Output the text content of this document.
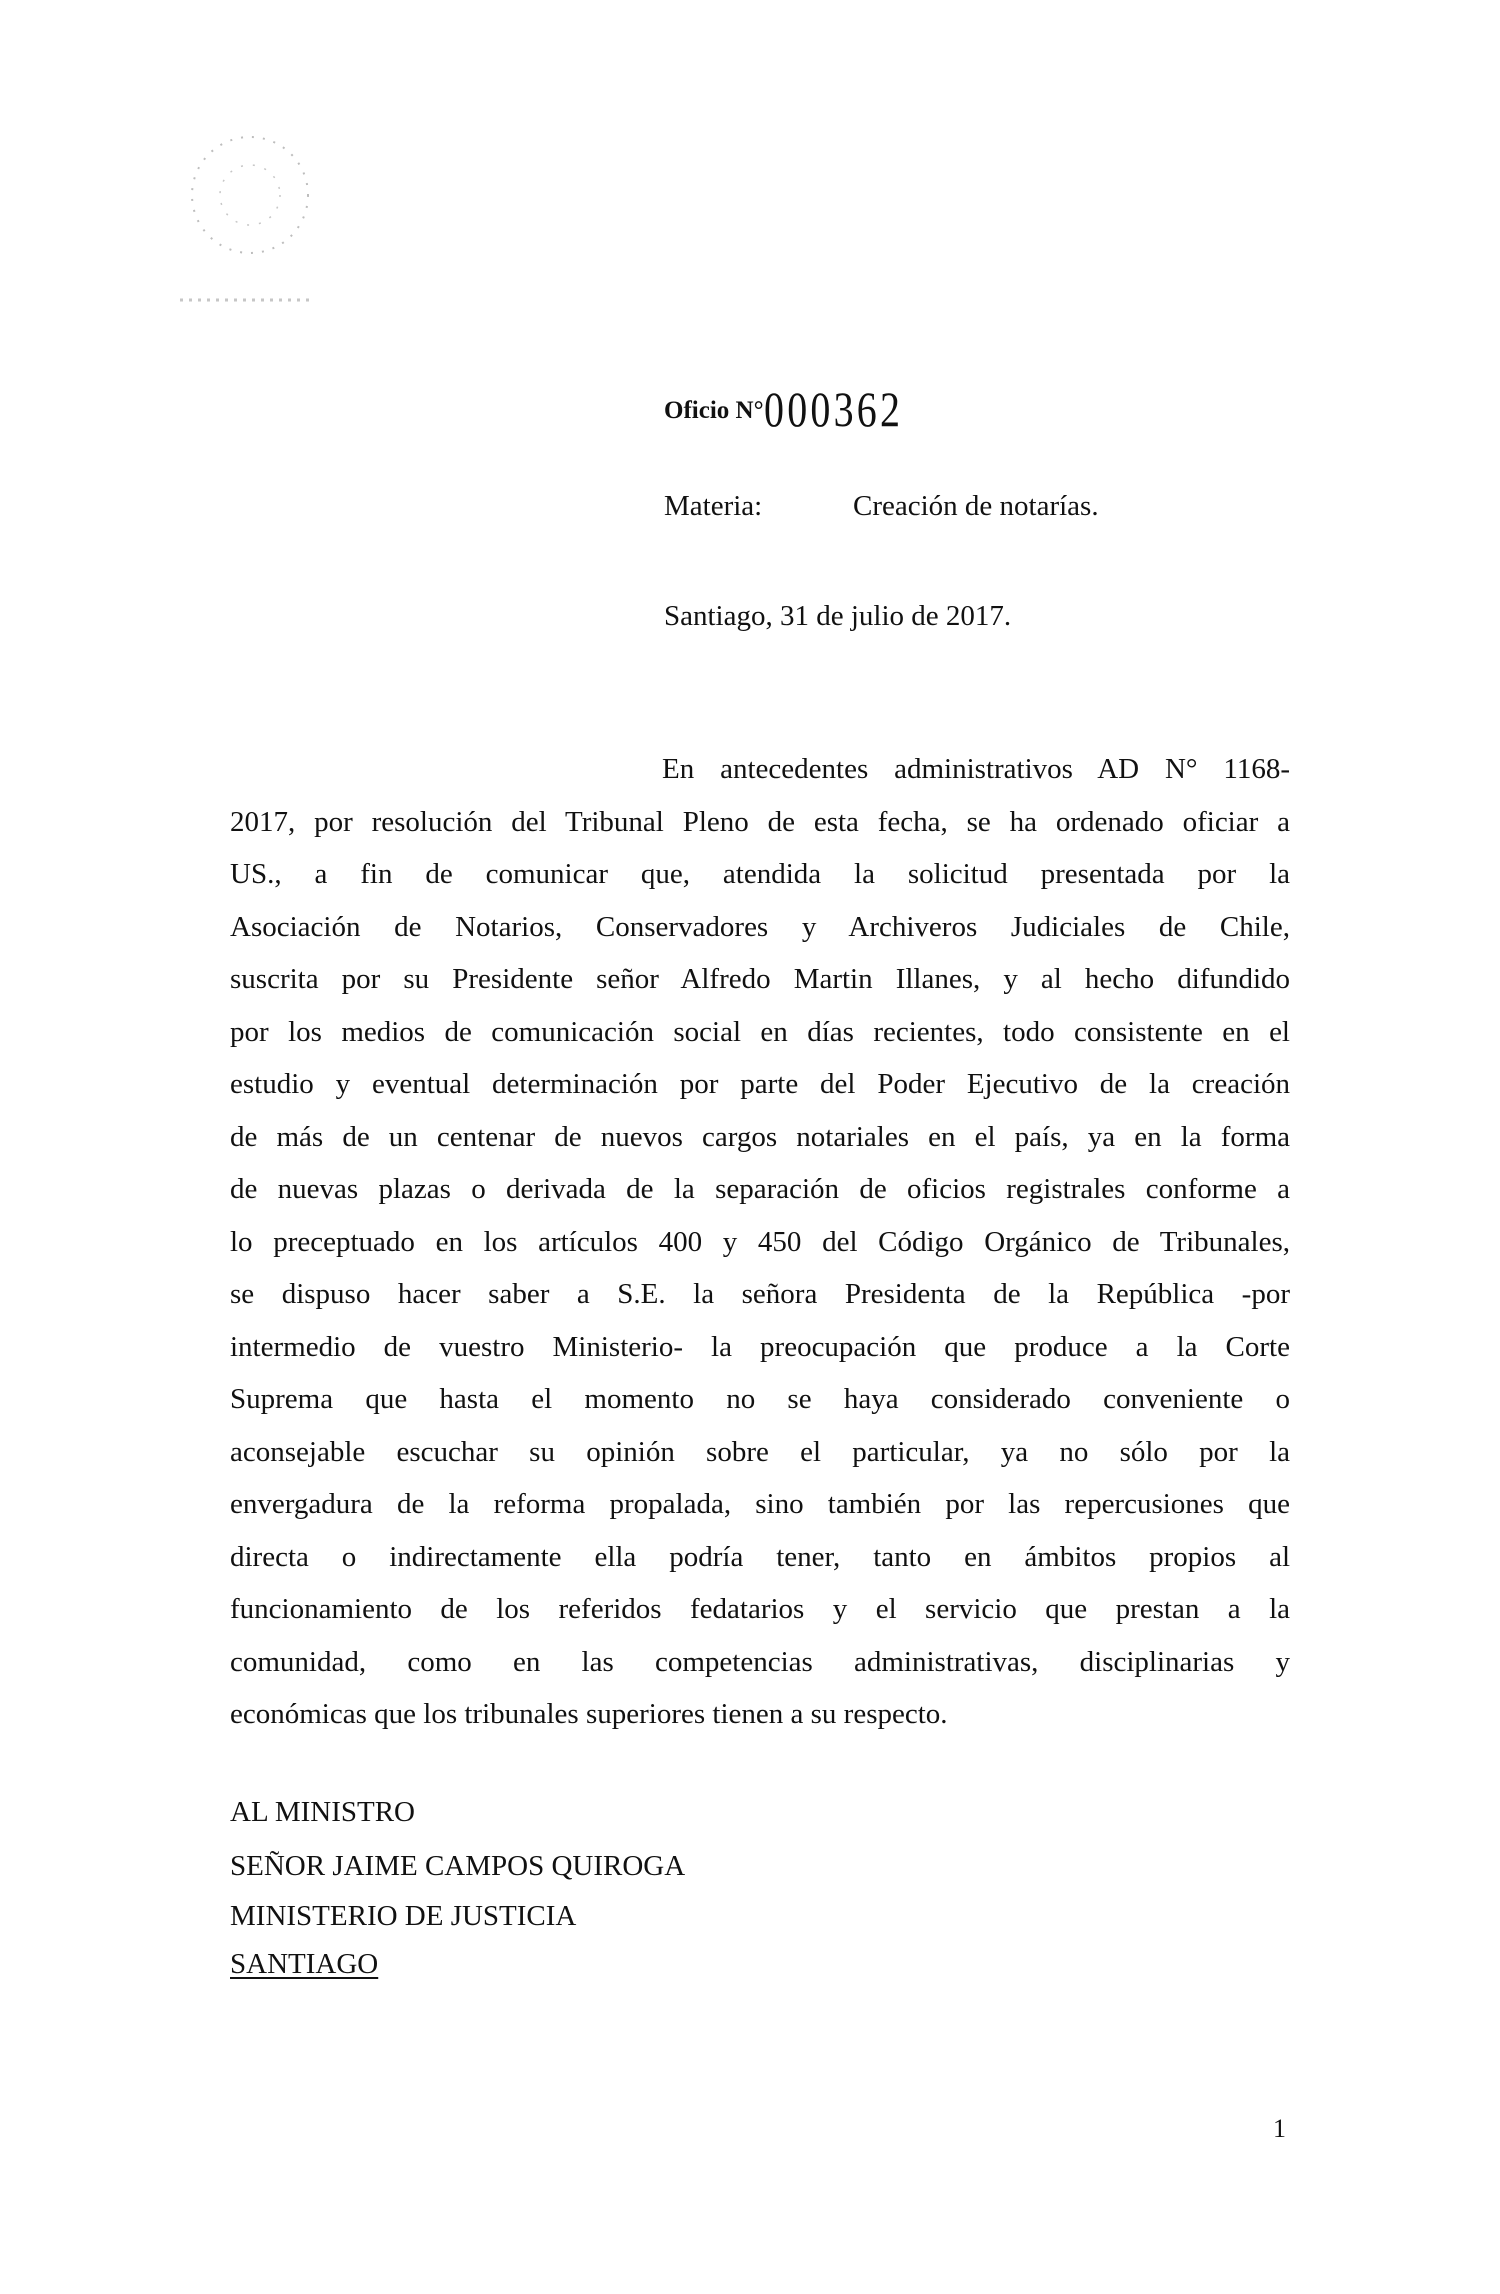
Oficio N°000362
Materia:	Creación de notarías.
Santiago, 31 de julio de 2017.
En antecedentes administrativos AD N° 1168-
2017, por resolución del Tribunal Pleno de esta fecha, se ha ordenado oficiar a
US., a fin de comunicar que, atendida la solicitud presentada por la
Asociación de Notarios, Conservadores y Archiveros Judiciales de Chile,
suscrita por su Presidente señor Alfredo Martin Illanes, y al hecho difundido
por los medios de comunicación social en días recientes, todo consistente en el
estudio y eventual determinación por parte del Poder Ejecutivo de la creación
de más de un centenar de nuevos cargos notariales en el país, ya en la forma
de nuevas plazas o derivada de la separación de oficios registrales conforme a
lo preceptuado en los artículos 400 y 450 del Código Orgánico de Tribunales,
se dispuso hacer saber a S.E. la señora Presidenta de la República -por
intermedio de vuestro Ministerio- la preocupación que produce a la Corte
Suprema que hasta el momento no se haya considerado conveniente o
aconsejable escuchar su opinión sobre el particular, ya no sólo por la
envergadura de la reforma propalada, sino también por las repercusiones que
directa o indirectamente ella podría tener, tanto en ámbitos propios al
funcionamiento de los referidos fedatarios y el servicio que prestan a la
comunidad, como en las competencias administrativas, disciplinarias y
económicas que los tribunales superiores tienen a su respecto.
AL MINISTRO
SEÑOR JAIME CAMPOS QUIROGA
MINISTERIO DE JUSTICIA
SANTIAGO
1
